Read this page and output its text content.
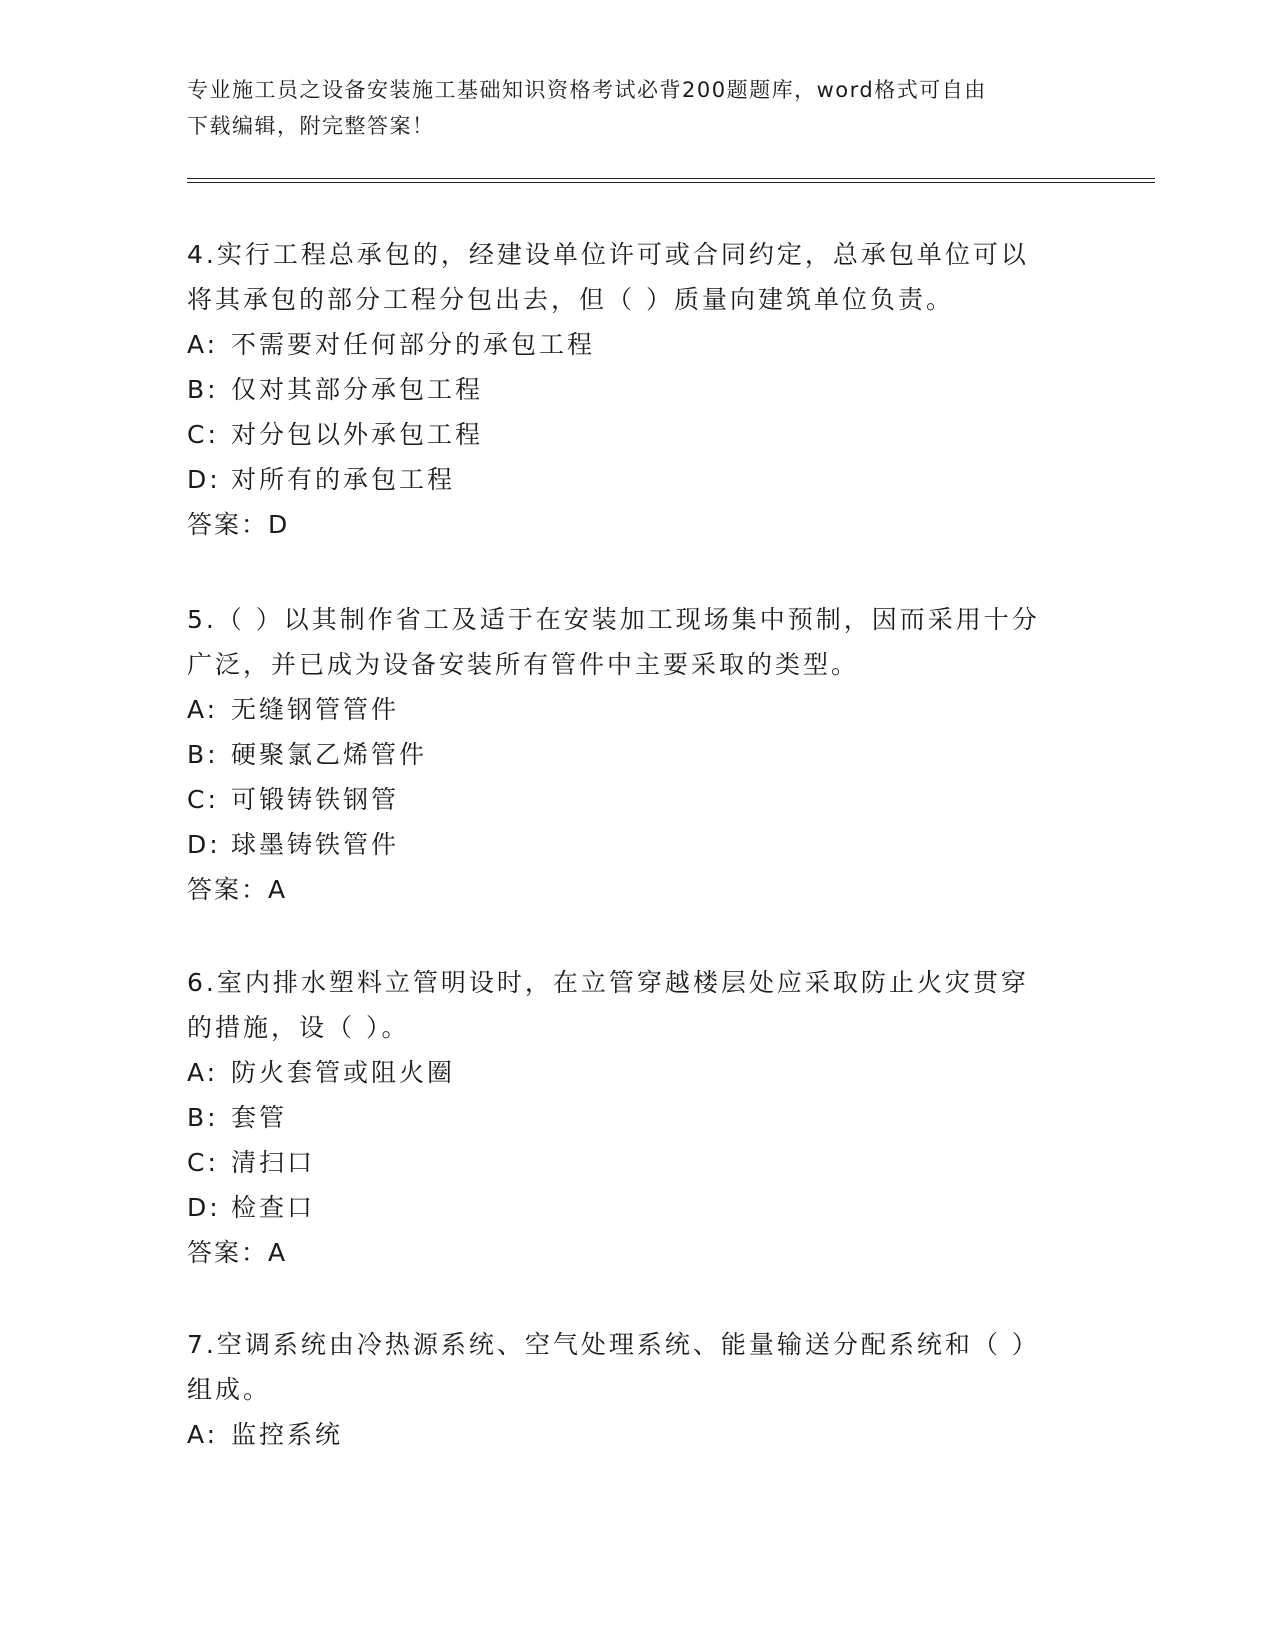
专业施工员之设备安装施工基础知识资格考试必背200题题库，word格式可自由
下载编辑，附完整答案！

4.实行工程总承包的，经建设单位许可或合同约定，总承包单位可以

将其承包的部分工程分包出去，但（ ）质量向建筑单位负责。

A: 不需要对任何部分的承包工程

B: 仅对其部分承包工程

C: 对分包以外承包工程

D: 对所有的承包工程

答案：D

5.（ ）以其制作省工及适于在安装加工现场集中预制，因而采用十分

广泛，并已成为设备安装所有管件中主要采取的类型。

A: 无缝钢管管件

B: 硬聚氯乙烯管件

C: 可锻铸铁钢管

D: 球墨铸铁管件

答案：A

6.室内排水塑料立管明设时，在立管穿越楼层处应采取防止火灾贯穿

的措施，设（ ）。

A: 防火套管或阻火圈

B: 套管

C: 清扫口

D: 检查口

答案：A

7.空调系统由冷热源系统、空气处理系统、能量输送分配系统和（ ）

组成。

A: 监控系统
